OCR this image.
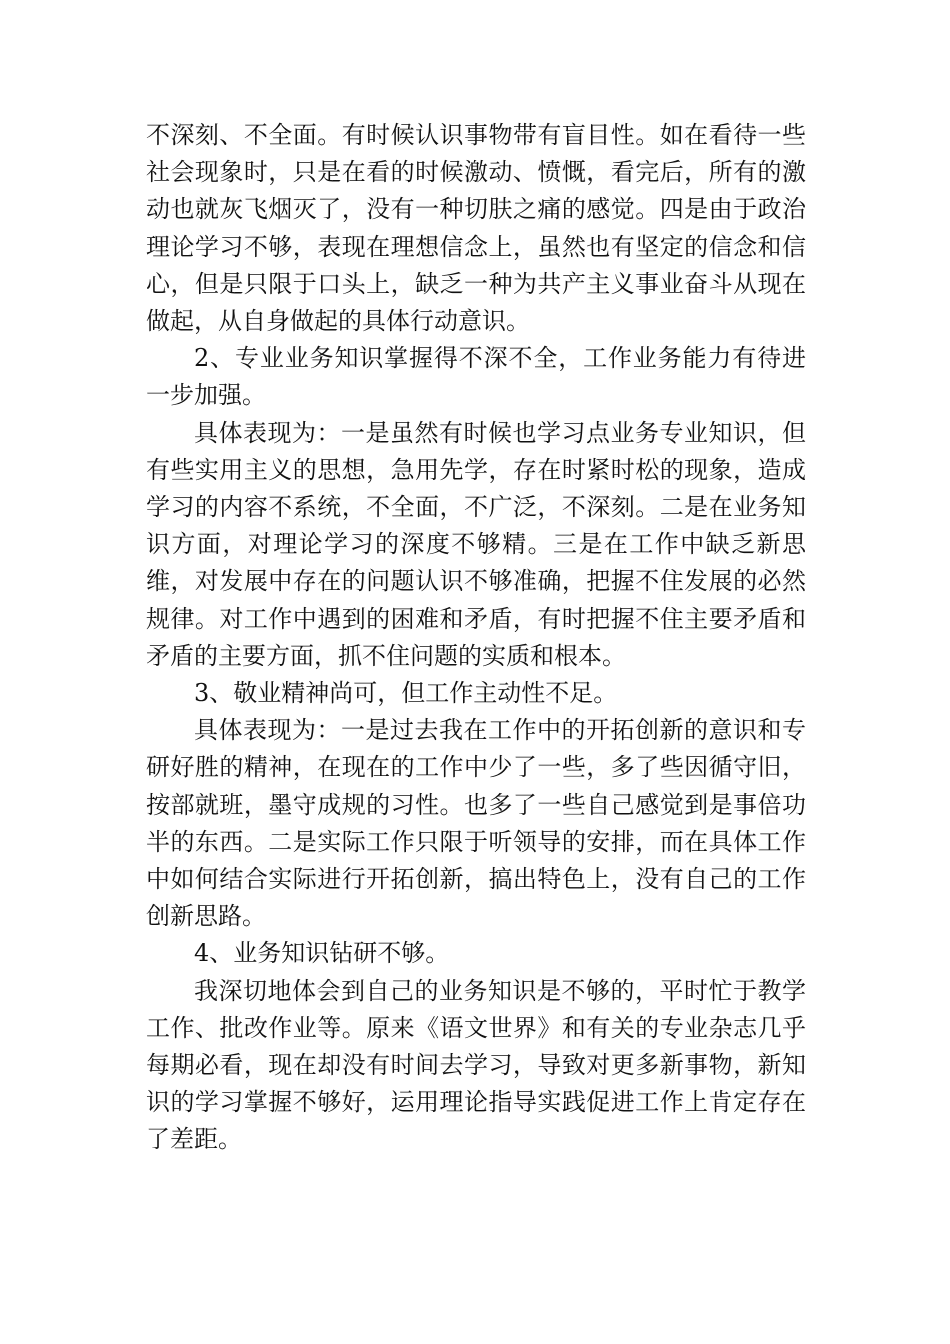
不深刻、不全面。有时候认识事物带有盲目性。如在看待一些社会现象时，只是在看的时候激动、愤慨，看完后，所有的激动也就灰飞烟灭了，没有一种切肤之痛的感觉。四是由于政治理论学习不够，表现在理想信念上，虽然也有坚定的信念和信心，但是只限于口头上，缺乏一种为共产主义事业奋斗从现在做起，从自身做起的具体行动意识。

2、专业业务知识掌握得不深不全，工作业务能力有待进一步加强。

具体表现为：一是虽然有时候也学习点业务专业知识，但有些实用主义的思想，急用先学，存在时紧时松的现象，造成学习的内容不系统，不全面，不广泛，不深刻。二是在业务知识方面，对理论学习的深度不够精。三是在工作中缺乏新思维，对发展中存在的问题认识不够准确，把握不住发展的必然规律。对工作中遇到的困难和矛盾，有时把握不住主要矛盾和矛盾的主要方面，抓不住问题的实质和根本。

3、敬业精神尚可，但工作主动性不足。

具体表现为：一是过去我在工作中的开拓创新的意识和专研好胜的精神，在现在的工作中少了一些，多了些因循守旧，按部就班，墨守成规的习性。也多了一些自己感觉到是事倍功半的东西。二是实际工作只限于听领导的安排，而在具体工作中如何结合实际进行开拓创新，搞出特色上，没有自己的工作创新思路。

4、业务知识钻研不够。

我深切地体会到自己的业务知识是不够的，平时忙于教学工作、批改作业等。原来《语文世界》和有关的专业杂志几乎每期必看，现在却没有时间去学习，导致对更多新事物，新知识的学习掌握不够好，运用理论指导实践促进工作上肯定存在了差距。
